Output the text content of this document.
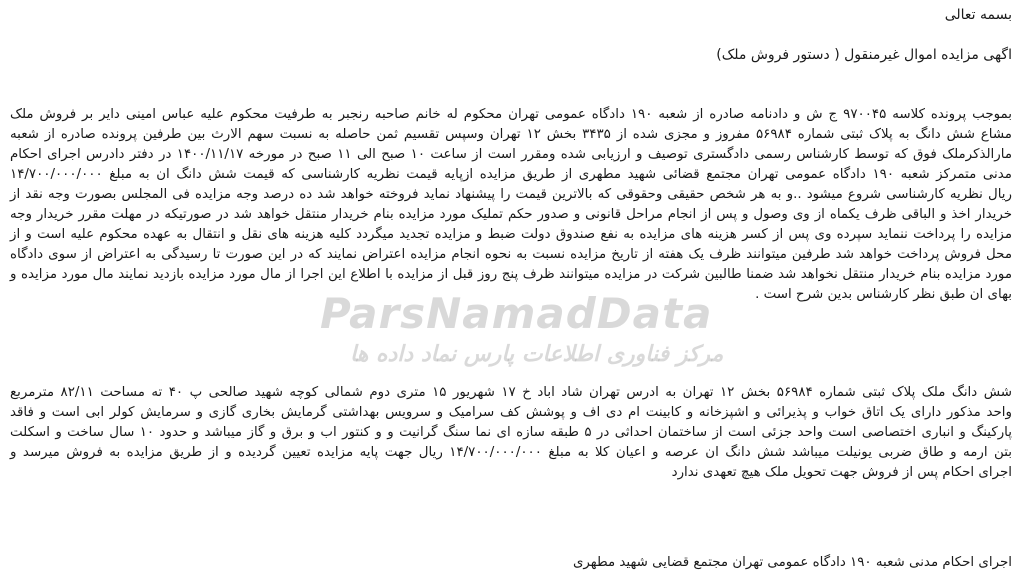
بسمه تعالی
اگهی مزایده اموال غیرمنقول ( دستور فروش ملک)
بموجب پرونده کلاسه ۹۷۰۰۴۵ ج ش و دادنامه صادره از شعبه ۱۹۰ دادگاه عمومی تهران محکوم له خانم صاحبه رنجبر به طرفیت محکوم علیه عباس امینی دایر بر فروش ملک
مشاع شش دانگ به پلاک ثبتی شماره ۵۶۹۸۴ مفروز و مجزی شده از ۳۴۳۵ بخش ۱۲ تهران وسپس تقسیم ثمن حاصله به نسبت سهم الارث بین طرفین پرونده صادره از شعبه
مارالذکرملک فوق که توسط کارشناس رسمی دادگستری توصیف و ارزیابی شده ومقرر است از ساعت ۱۰ صبح الی ۱۱ صبح در مورخه ۱۴۰۰/۱۱/۱۷ در دفتر دادرس اجرای احکام
مدنی متمرکز شعبه ۱۹۰ دادگاه عمومی تهران مجتمع قضائی شهید مطهری از طریق مزایده ازپایه قیمت نظریه کارشناسی که قیمت شش دانگ ان به مبلغ ۱۴/۷۰۰/۰۰۰/۰۰۰
ریال نظریه کارشناسی شروع میشود ..و به هر شخص حقیقی وحقوقی که بالاترین قیمت را پیشنهاد نماید فروخته خواهد شد ده درصد وجه مزایده فی المجلس بصورت وجه نقد از
خریدار اخذ و الباقی ظرف یکماه از وی وصول و پس از انجام مراحل قانونی و صدور حکم تملیک مورد مزایده بنام خریدار منتقل خواهد شد در صورتیکه در مهلت مقرر خریدار وجه
مزایده را پرداخت ننماید سپرده وی پس از کسر هزینه های مزایده به نفع صندوق دولت ضبط و مزایده تجدید میگردد کلیه هزینه های نقل و انتقال به عهده محکوم علیه است و از
محل فروش پرداخت خواهد شد طرفین میتوانند ظرف یک هفته از تاریخ مزایده نسبت به نحوه انجام مزایده اعتراض نمایند که در این صورت تا رسیدگی به اعتراض از سوی دادگاه
مورد مزایده بنام خریدار منتقل نخواهد شد ضمنا طالبین شرکت در مزایده میتوانند ظرف پنج روز قبل از مزایده با اطلاع این اجرا از مال مورد مزایده بازدید نمایند مال مورد مزایده و
بهای ان طبق نظر کارشناس بدین شرح است .
شش دانگ ملک پلاک ثبتی شماره ۵۶۹۸۴ بخش ۱۲ تهران به ادرس تهران شاد اباد خ ۱۷ شهریور ۱۵ متری دوم شمالی کوچه شهید صالحی پ ۴۰ ته مساحت ۸۲/۱۱ مترمربع
واحد مذکور دارای یک اتاق خواب و پذیرائی و اشپزخانه و کابینت ام دی اف و پوشش کف سرامیک و سرویس بهداشتی گرمایش بخاری گازی و سرمایش کولر ابی است و فاقد
پارکینگ و انباری اختصاصی است واحد جزئی است از ساختمان احداثی در ۵ طبقه سازه ای نما سنگ گرانیت و و کنتور اب و برق و گاز میباشد و حدود ۱۰ سال ساخت و اسکلت
بتن ارمه و طاق ضربی یونیلت میباشد شش دانگ ان عرصه و اعیان کلا به مبلغ ۱۴/۷۰۰/۰۰۰/۰۰۰ ریال جهت پایه مزایده تعیین گردیده و از طریق مزایده به فروش میرسد و
اجرای احکام پس از فروش جهت تحویل ملک هیچ تعهدی ندارد
اجرای احکام مدنی شعبه ۱۹۰ دادگاه عمومی تهران مجتمع قضایی شهید مطهری
ParsNamadData
مرکز فناوری اطلاعات پارس نماد داده ها
